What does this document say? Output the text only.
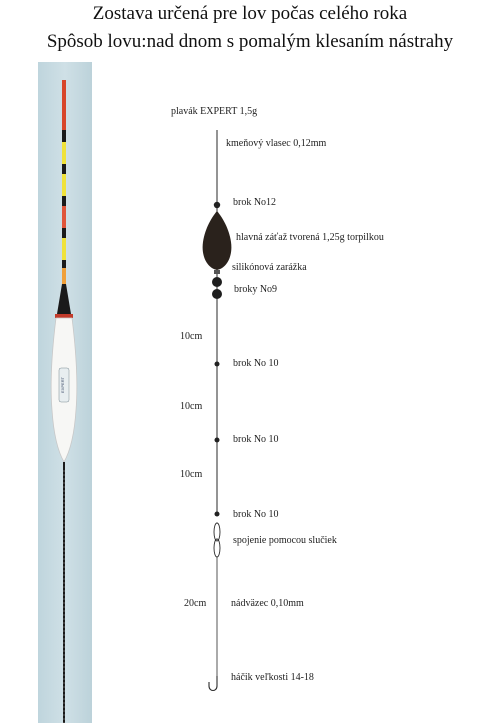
Zostava určená pre lov počas celého roka
Spôsob lovu:nad dnom s pomalým klesaním nástrahy
EXPERT
plavák EXPERT 1,5g
kmeňový vlasec 0,12mm
brok No12
hlavná záťaž tvorená 1,25g torpilkou
silikónová zarážka
broky No9
10cm
brok No 10
10cm
brok No 10
10cm
brok No 10
spojenie pomocou slučiek
20cm nádväzec 0,10mm
háčik veľkosti 14-18
